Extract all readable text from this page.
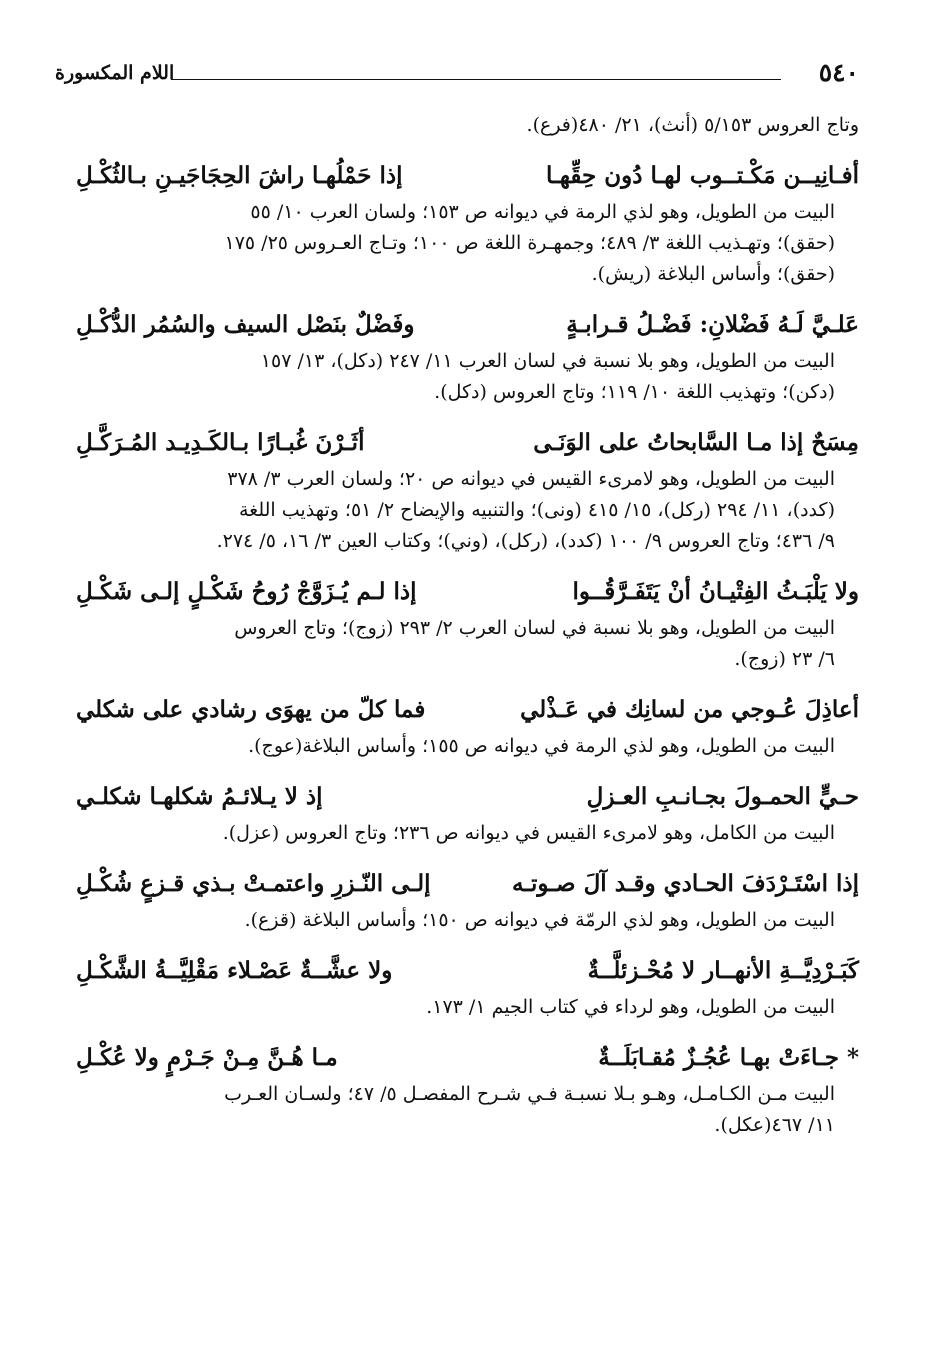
٥٤٠
اللام المكسورة
وتاج العروس ٥/١٥٣ (أنث)، ٢١/ ٤٨٠(فرع).
أفـانِيــن مَكْـتــوب لهـا دُون حِقِّهـا
إذا حَمْلُهـا راشَ الحِجَاجَيـنِ بـالثُكْـلِ
البيت من الطويل، وهو لذي الرمة في ديوانه ص ١٥٣؛ ولسان العرب ١٠/ ٥٥
(حقق)؛ وتهـذيب اللغة ٣/ ٤٨٩؛ وجمهـرة اللغة ص ١٠٠؛ وتـاج العـروس ٢٥/ ١٧٥
(حقق)؛ وأساس البلاغة (ريش).
عَلـيَّ لَـهُ فَضْلانِ: فَضْـلُ قـرابـةٍ
وفَضْلٌ بنَصْل السيف والسُمُر الدُّكْـلِ
البيت من الطويل، وهو بلا نسبة في لسان العرب ١١/ ٢٤٧ (دكل)، ١٣/ ١٥٧
(دكن)؛ وتهذيب اللغة ١٠/ ١١٩؛ وتاج العروس (دكل).
مِسَحٌ إذا مـا السَّابحاتُ على الوَنَـى
أثَـرْنَ غُبـارًا بـالكَـدِيـد المُـرَكَّـلِ
البيت من الطويل، وهو لامرىء القيس في ديوانه ص ٢٠؛ ولسان العرب ٣/ ٣٧٨
(كدد)، ١١/ ٢٩٤ (ركل)، ١٥/ ٤١٥ (ونى)؛ والتنبيه والإيضاح ٢/ ٥١؛ وتهذيب اللغة
٩/ ٤٣٦؛ وتاج العروس ٩/ ١٠٠ (كدد)، (ركل)، (وني)؛ وكتاب العين ٣/ ١٦، ٥/ ٢٧٤.
ولا يَلْبَـثُ الفِتْيـانُ أنْ يَتَفَـرَّقُــوا
إذا لـم يُـزَوَّجْ رُوحُ شَكْـلٍ إلـى شَكْـلِ
البيت من الطويل، وهو بلا نسبة في لسان العرب ٢/ ٢٩٣ (زوج)؛ وتاج العروس
٦/ ٢٣ (زوج).
أعاذِلَ عُـوجي من لسانِك في عَـذْلي
فما كلّ من يهوَى رشادي على شكلي
البيت من الطويل، وهو لذي الرمة في ديوانه ص ١٥٥؛ وأساس البلاغة(عوج).
حـيٍّ الحمـولَ بجـانـبِ العـزلِ
إذ لا يـلائـمُ شكلهـا شكلـي
البيت من الكامل، وهو لامرىء القيس في ديوانه ص ٢٣٦؛ وتاج العروس (عزل).
إذا اسْتَـرْدَفَ الحـادي وقـد آلَ صـوتـه
إلـى النّـزرِ واعتمـتْ بـذي قـزعٍ شُكْـلِ
البيت من الطويل، وهو لذي الرمّة في ديوانه ص ١٥٠؛ وأساس البلاغة (قزع).
كَبَـرْدِيَّــةِ الأنهــار لا مُحْـزئلَّــةٌ
ولا عشَّــةٌ عَصْـلاء مَقْلِيَّــةُ الشَّكْـلِ
البيت من الطويل، وهو لرداء في كتاب الجيم ١/ ١٧٣.
* جـاءَتْ بهـا عُجُـزٌ مُقـابَلَــةٌ
مـا هُـنَّ مِـنْ جَـرْمٍ ولا عُكْـلِ
البيت مـن الكـامـل، وهـو بـلا نسبـة فـي شـرح المفصـل ٥/ ٤٧؛ ولسـان العـرب
١١/ ٤٦٧(عكل).
